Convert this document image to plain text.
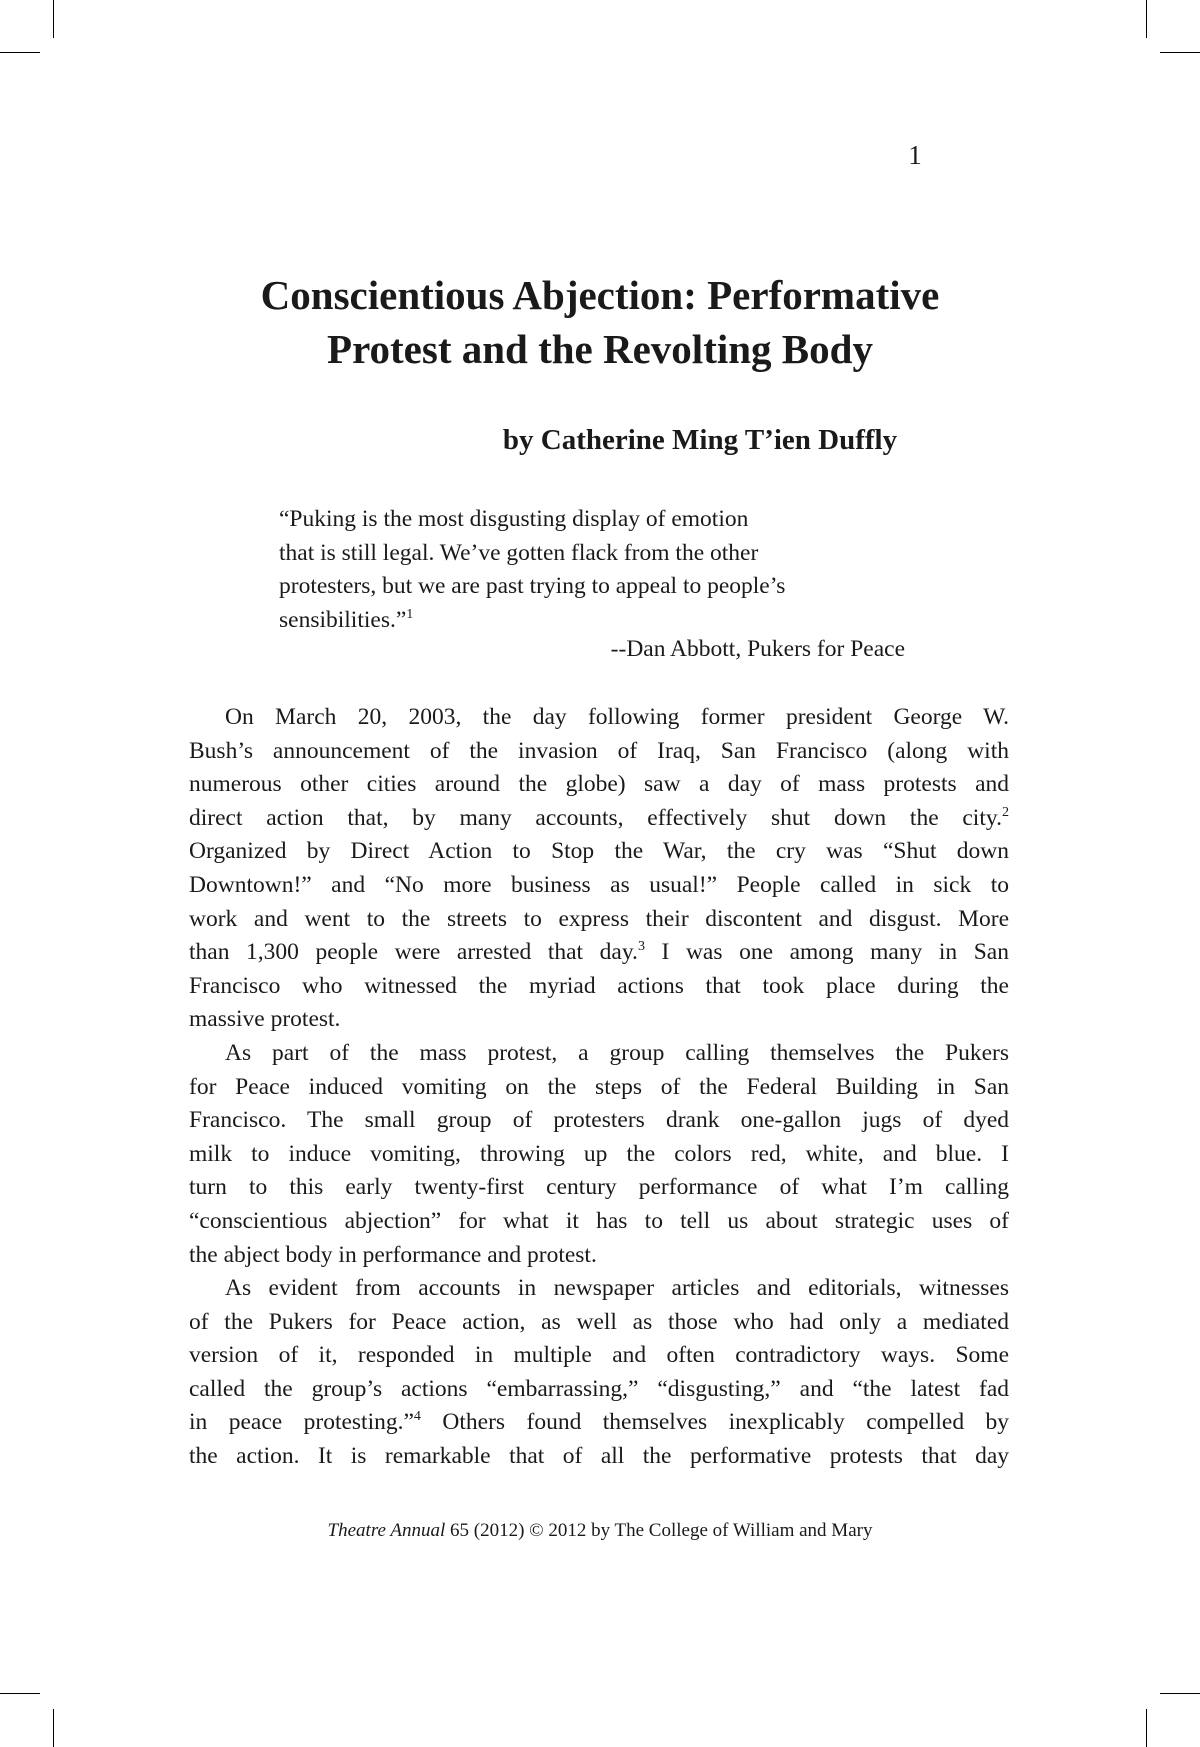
1
Conscientious Abjection: Performative
Protest and the Revolting Body
by Catherine Ming T’ien Duffly
“Puking is the most disgusting display of emotion
that is still legal. We’ve gotten flack from the other
protesters, but we are past trying to appeal to people’s
sensibilities.”$^1$
--Dan Abbott, Pukers for Peace
On March 20, 2003, the day following former president George W.
Bush’s announcement of the invasion of Iraq, San Francisco (along with
numerous other cities around the globe) saw a day of mass protests and
direct action that, by many accounts, effectively shut down the city.$^2$
Organized by Direct Action to Stop the War, the cry was “Shut down
Downtown!” and “No more business as usual!” People called in sick to
work and went to the streets to express their discontent and disgust. More
than 1,300 people were arrested that day.$^3$ I was one among many in San
Francisco who witnessed the myriad actions that took place during the
massive protest.
As part of the mass protest, a group calling themselves the Pukers
for Peace induced vomiting on the steps of the Federal Building in San
Francisco. The small group of protesters drank one-gallon jugs of dyed
milk to induce vomiting, throwing up the colors red, white, and blue. I
turn to this early twenty-first century performance of what I’m calling
“conscientious abjection” for what it has to tell us about strategic uses of
the abject body in performance and protest.
As evident from accounts in newspaper articles and editorials, witnesses
of the Pukers for Peace action, as well as those who had only a mediated
version of it, responded in multiple and often contradictory ways. Some
called the group’s actions “embarrassing,” “disgusting,” and “the latest fad
in peace protesting.”$^4$ Others found themselves inexplicably compelled by
the action. It is remarkable that of all the performative protests that day
Theatre Annual 65 (2012) © 2012 by The College of William and Mary
